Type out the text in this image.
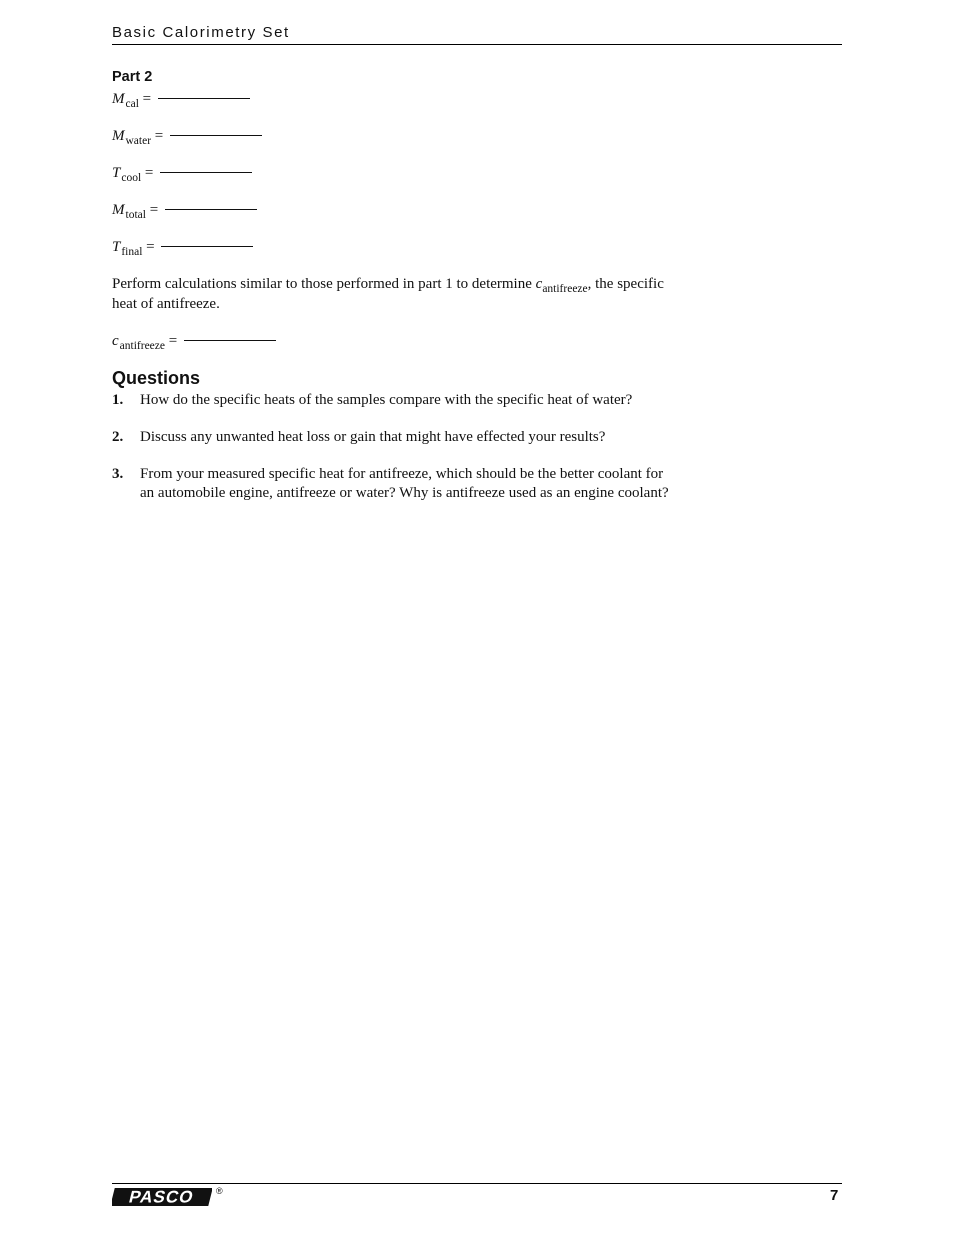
Basic Calorimetry Set
Part 2
$M_{cal}$ =
$M_{water}$ =
$T_{cool}$ =
$M_{total}$ =
$T_{final}$ =

Perform calculations similar to those performed in part 1 to determine $c_{antifreeze}$, the specific heat of antifreeze.

$c_{antifreeze}$ =
Questions
1. How do the specific heats of the samples compare with the specific heat of water?
2. Discuss any unwanted heat loss or gain that might have effected your results?
3. From your measured specific heat for antifreeze, which should be the better coolant for an automobile engine, antifreeze or water? Why is antifreeze used as an engine coolant?
PASCO ®	7
